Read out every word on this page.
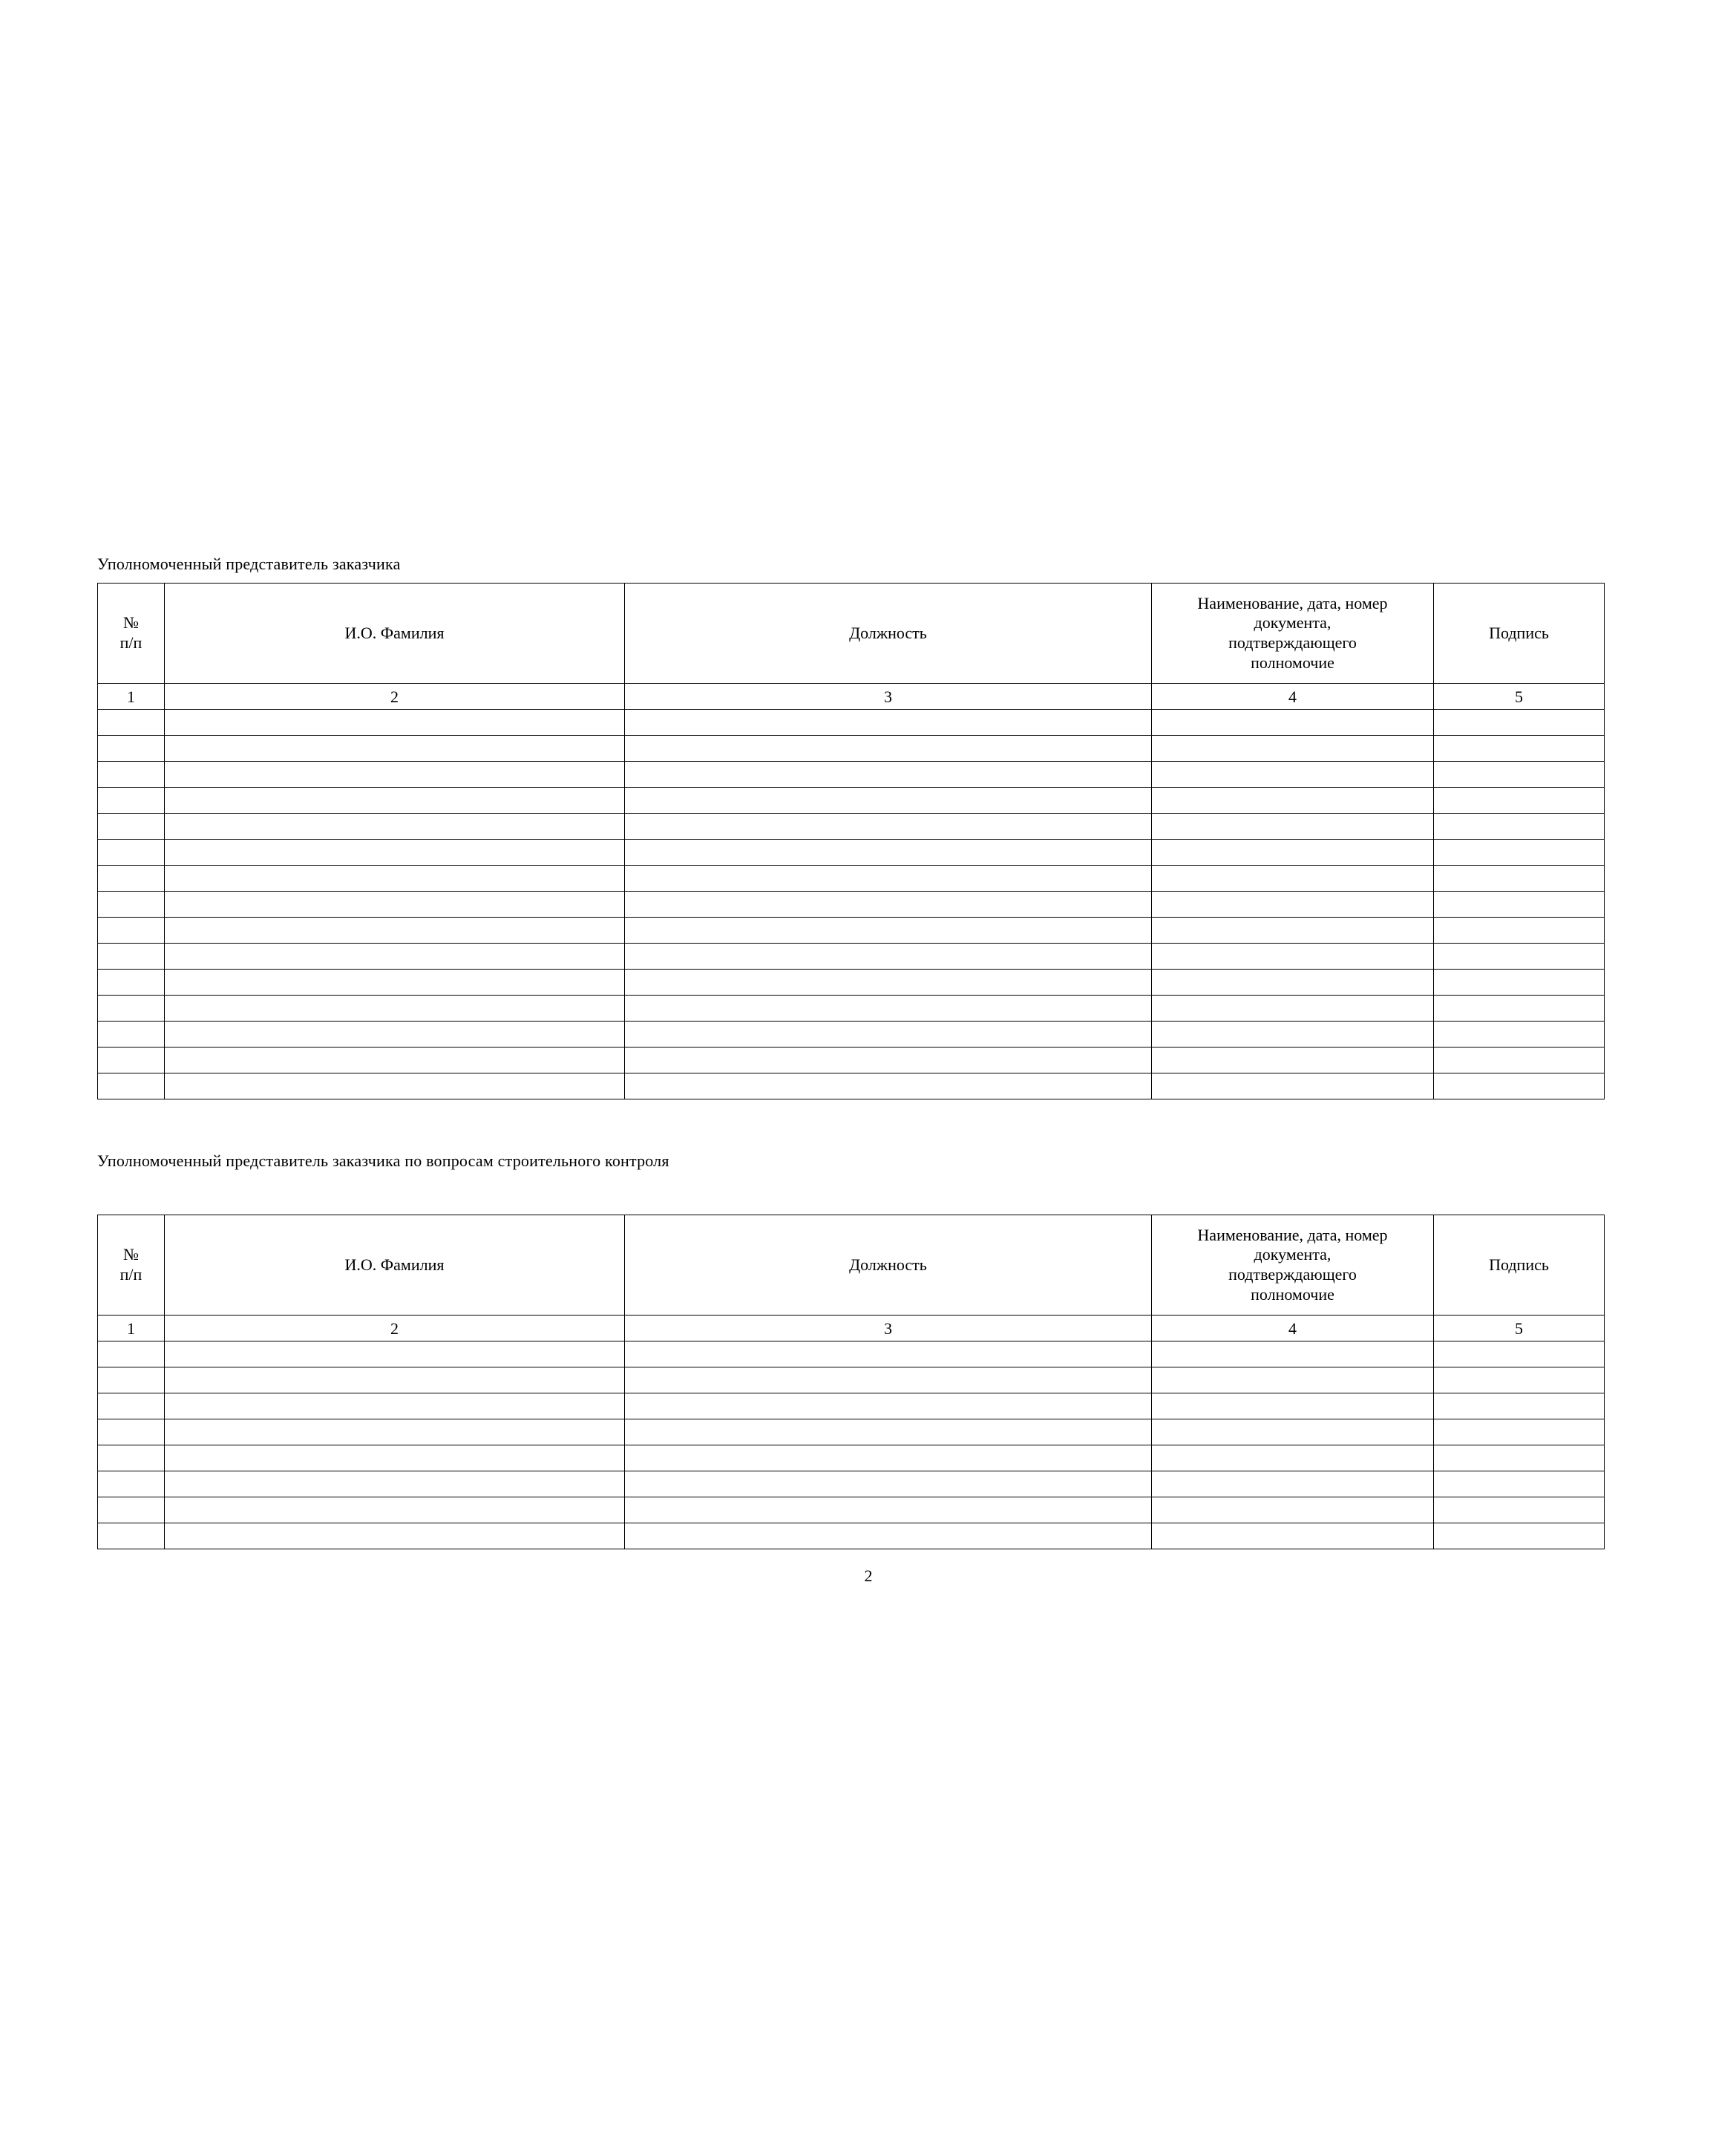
Уполномоченный представитель заказчика
№
п/п	И.О. Фамилия	Должность	Наименование, дата, номер
документа,
подтверждающего
полномочие	Подпись

1	2	3	4	5

Уполномоченный представитель заказчика по вопросам строительного контроля
№
п/п	И.О. Фамилия	Должность	Наименование, дата, номер
документа,
подтверждающего
полномочие	Подпись

1	2	3	4	5

2
